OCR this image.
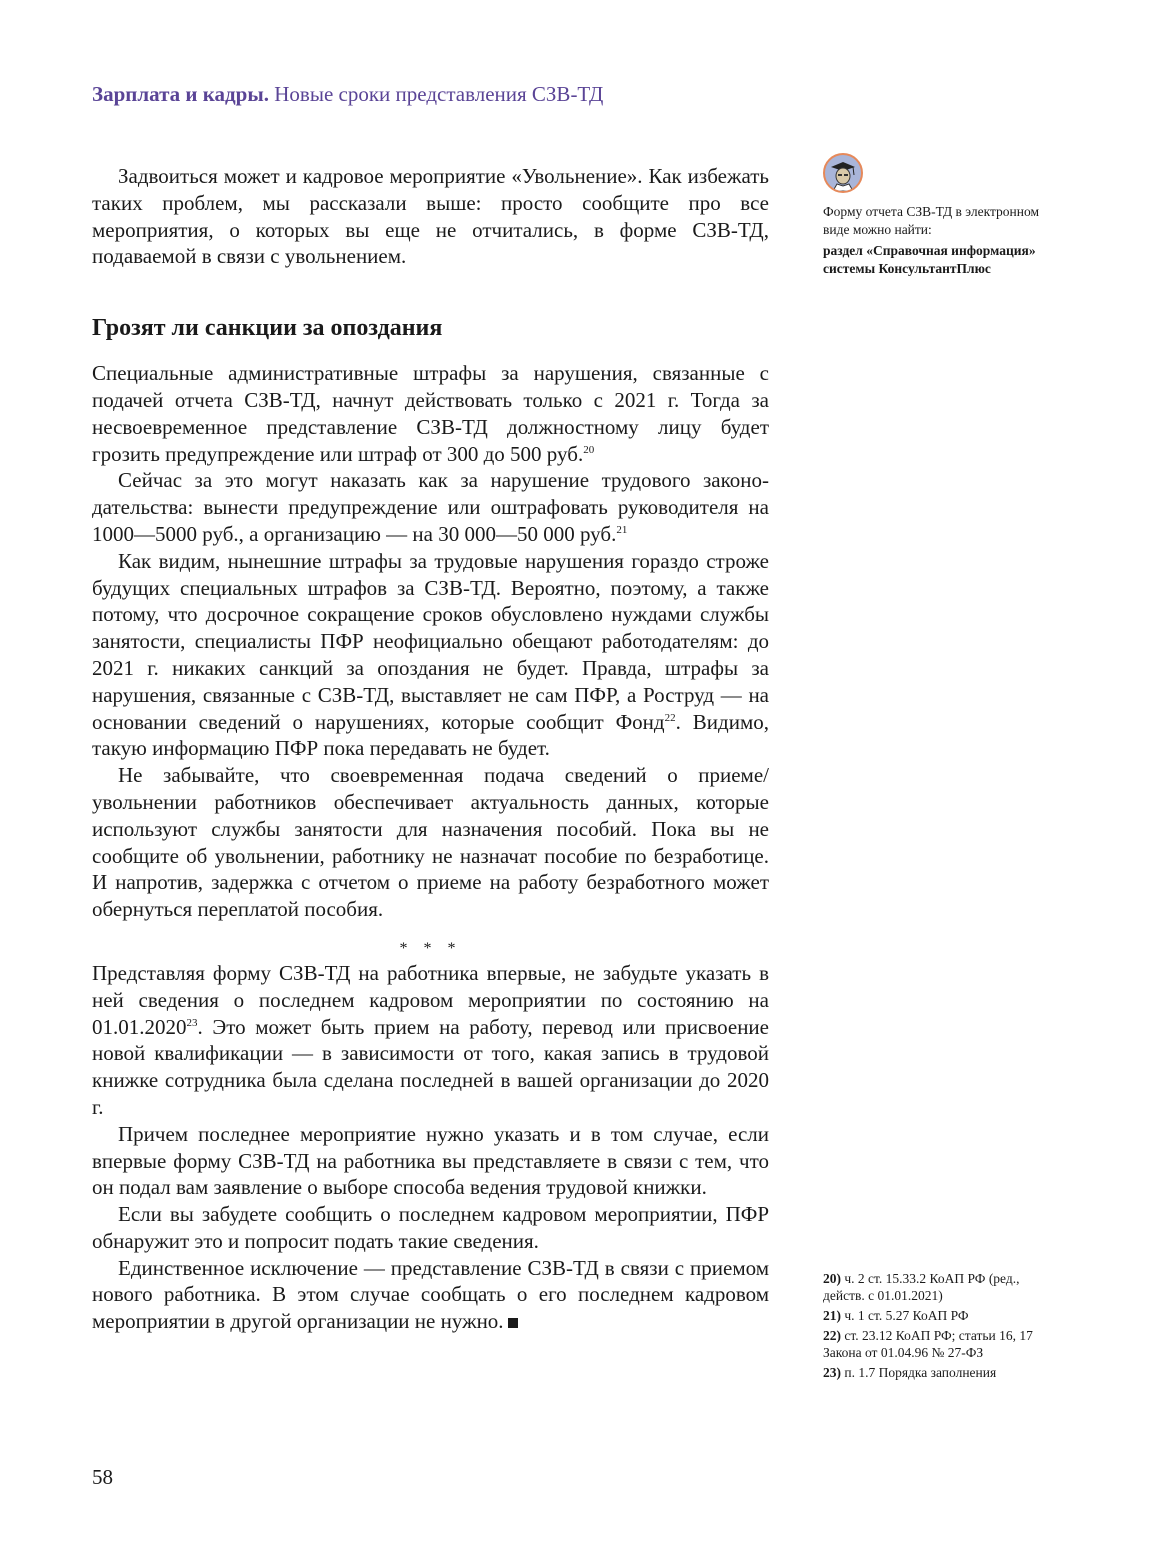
Зарплата и кадры. Новые сроки представления СЗВ-ТД

Задвоиться может и кадровое мероприятие «Увольнение». Как избежать таких проблем, мы рассказали выше: просто сообщите про все мероприятия, о которых вы еще не отчитались, в форме СЗВ-ТД, подаваемой в связи с увольнением.

Грозят ли санкции за опоздания

Специальные административные штрафы за нарушения, связанные с подачей отчета СЗВ-ТД, начнут действовать только с 2021 г. Тогда за несвоевременное представление СЗВ-ТД должностному лицу будет грозить предупреждение или штраф от 300 до 500 руб.$^{20}$

Сейчас за это могут наказать как за нарушение трудового законодательства: вынести предупреждение или оштрафовать руководителя на 1000—5000 руб., а организацию — на 30 000—50 000 руб.$^{21}$

Как видим, нынешние штрафы за трудовые нарушения гораздо строже будущих специальных штрафов за СЗВ-ТД. Вероятно, поэтому, а также потому, что досрочное сокращение сроков обусловлено нуждами службы занятости, специалисты ПФР неофициально обещают работодателям: до 2021 г. никаких санкций за опоздания не будет. Правда, штрафы за нарушения, связанные с СЗВ-ТД, выставляет не сам ПФР, а Роструд — на основании сведений о нарушениях, которые сообщит Фонд$^{22}$. Видимо, такую информацию ПФР пока передавать не будет.

Не забывайте, что своевременная подача сведений о приеме/ увольнении работников обеспечивает актуальность данных, которые используют службы занятости для назначения пособий. Пока вы не сообщите об увольнении, работнику не назначат пособие по безработице. И напротив, задержка с отчетом о приеме на работу безработного может обернуться переплатой пособия.

* * *

Представляя форму СЗВ-ТД на работника впервые, не забудьте указать в ней сведения о последнем кадровом мероприятии по состоянию на 01.01.2020$^{23}$. Это может быть прием на работу, перевод или присвоение новой квалификации — в зависимости от того, какая запись в трудовой книжке сотрудника была сделана последней в вашей организации до 2020 г.

Причем последнее мероприятие нужно указать и в том случае, если впервые форму СЗВ-ТД на работника вы представляете в связи с тем, что он подал вам заявление о выборе способа ведения трудовой книжки.

Если вы забудете сообщить о последнем кадровом мероприятии, ПФР обнаружит это и попросит подать такие сведения.

Единственное исключение — представление СЗВ-ТД в связи с приемом нового работника. В этом случае сообщать о его последнем кадровом мероприятии в другой организации не нужно.

Форму отчета СЗВ-ТД в электронном виде можно найти:

раздел «Справочная информация» системы КонсультантПлюс

20) ч. 2 ст. 15.33.2 КоАП РФ (ред., действ. с 01.01.2021)

21) ч. 1 ст. 5.27 КоАП РФ

22) ст. 23.12 КоАП РФ; статьи 16, 17 Закона от 01.04.96 № 27-ФЗ

23) п. 1.7 Порядка заполнения

58
